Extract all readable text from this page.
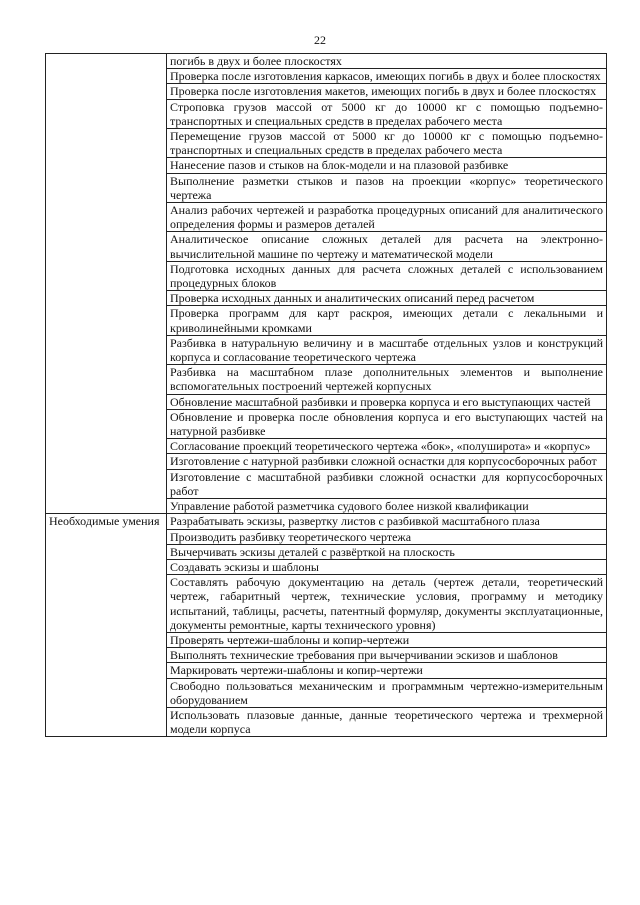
22
	погибь в двух и более плоскостях
	Проверка после изготовления каркасов, имеющих погибь в двух и более плоскостях
	Проверка после изготовления макетов, имеющих погибь в двух и более плоскостях
	Строповка грузов массой от 5000 кг до 10000 кг с помощью подъемно-транспортных и специальных средств в пределах рабочего места
	Перемещение грузов массой от 5000 кг до 10000 кг с помощью подъемно-транспортных и специальных средств в пределах рабочего места
	Нанесение пазов и стыков на блок-модели и на плазовой разбивке
	Выполнение разметки стыков и пазов на проекции «корпус» теоретического чертежа
	Анализ рабочих чертежей и разработка процедурных описаний для аналитического определения формы и размеров деталей
	Аналитическое описание сложных деталей для расчета на электронно-вычислительной машине по чертежу и математической модели
	Подготовка исходных данных для расчета сложных деталей с использованием процедурных блоков
	Проверка исходных данных и аналитических описаний перед расчетом
	Проверка программ для карт раскроя, имеющих детали с лекальными и криволинейными кромками
	Разбивка в натуральную величину и в масштабе отдельных узлов и конструкций корпуса и согласование теоретического чертежа
	Разбивка на масштабном плазе дополнительных элементов и выполнение вспомогательных построений чертежей корпусных
	Обновление масштабной разбивки и проверка корпуса и его выступающих частей
	Обновление и проверка после обновления корпуса и его выступающих частей на натурной разбивке
	Согласование проекций теоретического чертежа «бок», «полуширота» и «корпус»
	Изготовление с натурной разбивки сложной оснастки для корпусосборочных работ
	Изготовление с масштабной разбивки сложной оснастки для корпусосборочных работ
	Управление работой разметчика судового более низкой квалификации
Необходимые умения	Разрабатывать эскизы, развертку листов с разбивкой масштабного плаза
	Производить разбивку теоретического чертежа
	Вычерчивать эскизы деталей с развёрткой на плоскость
	Создавать эскизы и шаблоны
	Составлять рабочую документацию на деталь (чертеж детали, теоретический чертеж, габаритный чертеж, технические условия, программу и методику испытаний, таблицы, расчеты, патентный формуляр, документы эксплуатационные, документы ремонтные, карты технического уровня)
	Проверять чертежи-шаблоны и копир-чертежи
	Выполнять технические требования при вычерчивании эскизов и шаблонов
	Маркировать чертежи-шаблоны и копир-чертежи
	Свободно пользоваться механическим и программным чертежно-измерительным оборудованием
	Использовать плазовые данные, данные теоретического чертежа и трехмерной модели корпуса
